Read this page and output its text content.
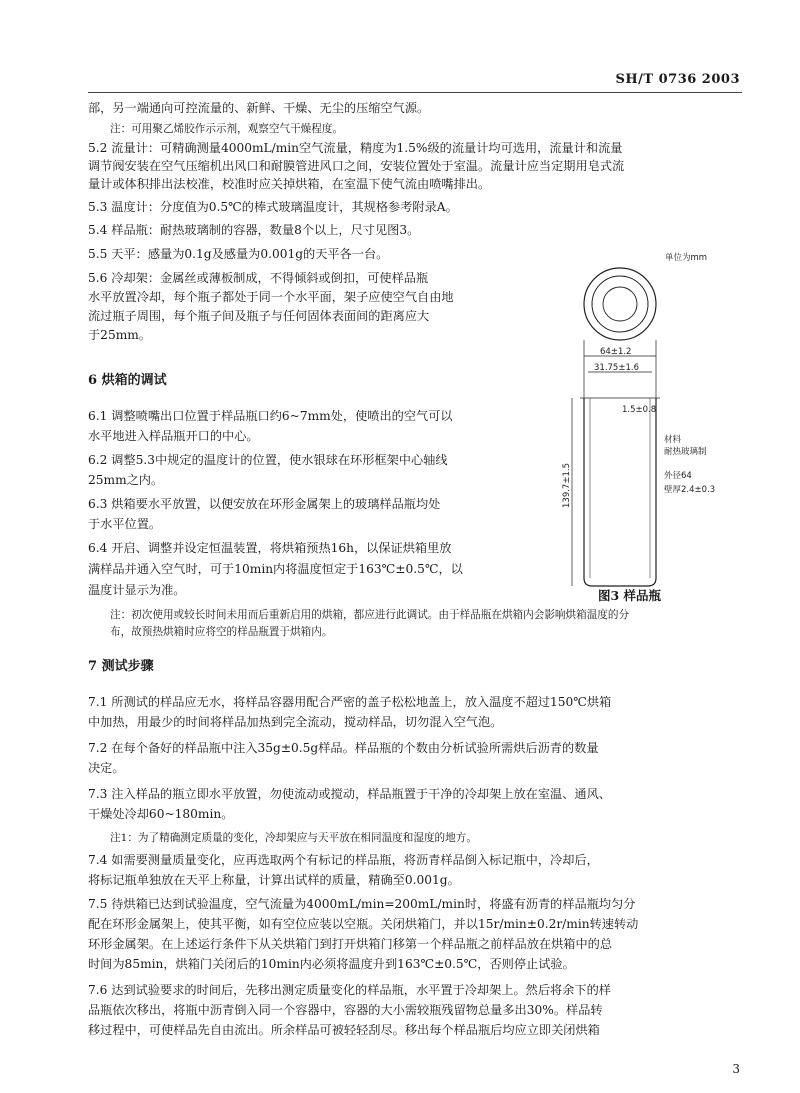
SH/T 0736 2003
部，另一端通向可控流量的、新鲜、干燥、无尘的压缩空气源。
注：可用聚乙烯胶作示示剂，观察空气干燥程度。
5.2 流量计：可精确测量4000mL/min空气流量，精度为1.5%级的流量计均可选用，流量计和流量
调节阀安装在空气压缩机出风口和耐膜管进风口之间，安装位置处于室温。流量计应当定期用皂式流
量计或体积排出法校准，校准时应关掉烘箱，在室温下使气流由喷嘴排出。
5.3 温度计：分度值为0.5℃的棒式玻璃温度计，其规格参考附录A。
5.4 样品瓶：耐热玻璃制的容器，数量8个以上，尺寸见图3。
5.5 天平：感量为0.1g及感量为0.001g的天平各一台。
5.6 冷却架：金属丝或薄板制成，不得倾斜或倒扣，可使样品瓶
水平放置冷却，每个瓶子都处于同一个水平面，架子应使空气自由地
流过瓶子周围，每个瓶子间及瓶子与任何固体表面间的距离应大
于25mm。
6 烘箱的调试
6.1 调整喷嘴出口位置于样品瓶口约6~7mm处，使喷出的空气可以
水平地进入样品瓶开口的中心。
6.2 调整5.3中规定的温度计的位置，使水银球在环形框架中心轴线
25mm之内。
6.3 烘箱要水平放置，以便安放在环形金属架上的玻璃样品瓶均处
于水平位置。
6.4 开启、调整并设定恒温装置，将烘箱预热16h，以保证烘箱里放
满样品并通入空气时，可于10min内将温度恒定于163℃±0.5℃，以
温度计显示为准。
注：初次使用或较长时间未用而后重新启用的烘箱，都应进行此调试。由于样品瓶在烘箱内会影响烘箱温度的分
布，故预热烘箱时应将空的样品瓶置于烘箱内。
7 测试步骤
7.1 所测试的样品应无水，将样品容器用配合严密的盖子松松地盖上，放入温度不超过150℃烘箱
中加热，用最少的时间将样品加热到完全流动，搅动样品，切勿混入空气泡。
7.2 在每个备好的样品瓶中注入35g±0.5g样品。样品瓶的个数由分析试验所需烘后沥青的数量
决定。
7.3 注入样品的瓶立即水平放置，勿使流动或搅动，样品瓶置于干净的冷却架上放在室温、通风、
干燥处冷却60~180min。
注1：为了精确测定质量的变化，冷却架应与天平放在相同温度和湿度的地方。
7.4 如需要测量质量变化，应再选取两个有标记的样品瓶，将沥青样品倒入标记瓶中，冷却后，
将标记瓶单独放在天平上称量，计算出试样的质量，精确至0.001g。
7.5 待烘箱已达到试验温度，空气流量为4000mL/min=200mL/min时，将盛有沥青的样品瓶均匀分
配在环形金属架上，使其平衡，如有空位应装以空瓶。关闭烘箱门，并以15r/min±0.2r/min转速转动
环形金属架。在上述运行条件下从关烘箱门到打开烘箱门移第一个样品瓶之前样品放在烘箱中的总
时间为85min，烘箱门关闭后的10min内必须将温度升到163℃±0.5℃，否则停止试验。
7.6 达到试验要求的时间后，先移出测定质量变化的样品瓶，水平置于冷却架上。然后将余下的样
品瓶依次移出，将瓶中沥青倒入同一个容器中，容器的大小需较瓶残留物总量多出30%。样品转
移过程中，可使样品先自由流出。所余样品可被轻轻刮尽。移出每个样品瓶后均应立即关闭烘箱
单位为mm
64±1.2
31.75±1.6
1.5±0.8
139.7±1.5
材料
耐热玻璃制
外径64
壁厚2.4±0.3
图3 样品瓶
3
